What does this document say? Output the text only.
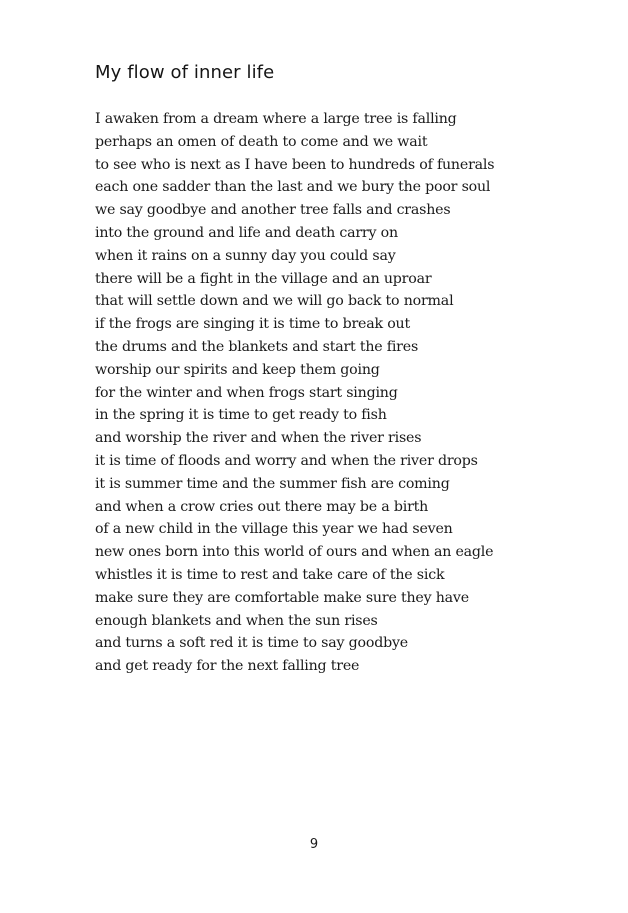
My flow of inner life
I awaken from a dream where a large tree is falling
perhaps an omen of death to come and we wait
to see who is next as I have been to hundreds of funerals
each one sadder than the last and we bury the poor soul
we say goodbye and another tree falls and crashes
into the ground and life and death carry on
when it rains on a sunny day you could say
there will be a fight in the village and an uproar
that will settle down and we will go back to normal
if the frogs are singing it is time to break out
the drums and the blankets and start the fires
worship our spirits and keep them going
for the winter and when frogs start singing
in the spring it is time to get ready to fish
and worship the river and when the river rises
it is time of floods and worry and when the river drops
it is summer time and the summer fish are coming
and when a crow cries out there may be a birth
of a new child in the village this year we had seven
new ones born into this world of ours and when an eagle
whistles it is time to rest and take care of the sick
make sure they are comfortable make sure they have
enough blankets and when the sun rises
and turns a soft red it is time to say goodbye
and get ready for the next falling tree
9
